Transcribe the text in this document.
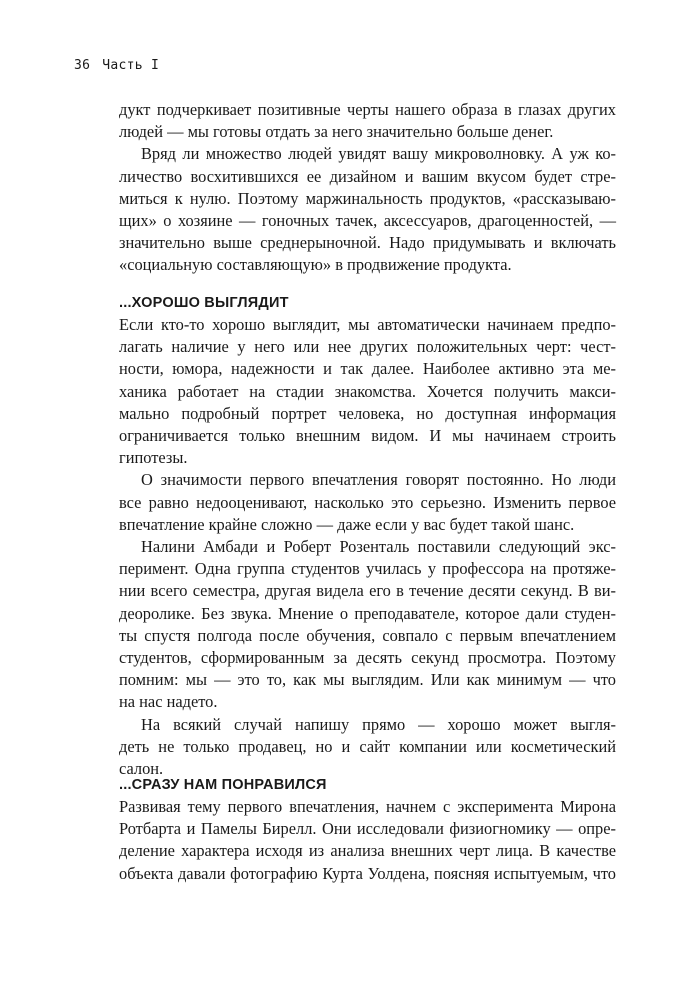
36 Часть I

дукт подчеркивает позитивные черты нашего образа в глазах других
людей — мы готовы отдать за него значительно больше денег.

Вряд ли множество людей увидят вашу микроволновку. А уж ко-
личество восхитившихся ее дизайном и вашим вкусом будет стре-
миться к нулю. Поэтому маржинальность продуктов, «рассказываю-
щих» о хозяине — гоночных тачек, аксессуаров, драгоценностей, —
значительно выше среднерыночной. Надо придумывать и включать
«социальную составляющую» в продвижение продукта.

...ХОРОШО ВЫГЛЯДИТ

Если кто-то хорошо выглядит, мы автоматически начинаем предпо-
лагать наличие у него или нее других положительных черт: чест-
ности, юмора, надежности и так далее. Наиболее активно эта ме-
ханика работает на стадии знакомства. Хочется получить макси-
мально подробный портрет человека, но доступная информация
ограничивается только внешним видом. И мы начинаем строить
гипотезы.

О значимости первого впечатления говорят постоянно. Но люди
все равно недооценивают, насколько это серьезно. Изменить первое
впечатление крайне сложно — даже если у вас будет такой шанс.

Налини Амбади и Роберт Розенталь поставили следующий экс-
перимент. Одна группа студентов училась у профессора на протяже-
нии всего семестра, другая видела его в течение десяти секунд. В ви-
деоролике. Без звука. Мнение о преподавателе, которое дали студен-
ты спустя полгода после обучения, совпало с первым впечатлением
студентов, сформированным за десять секунд просмотра. Поэтому
помним: мы — это то, как мы выглядим. Или как минимум — что
на нас надето.

На всякий случай напишу прямо — хорошо может выгля-
деть не только продавец, но и сайт компании или косметический
салон.

...СРАЗУ НАМ ПОНРАВИЛСЯ

Развивая тему первого впечатления, начнем с эксперимента Мирона
Ротбарта и Памелы Бирелл. Они исследовали физиогномику — опре-
деление характера исходя из анализа внешних черт лица. В качестве
объекта давали фотографию Курта Уолдена, поясняя испытуемым, что
